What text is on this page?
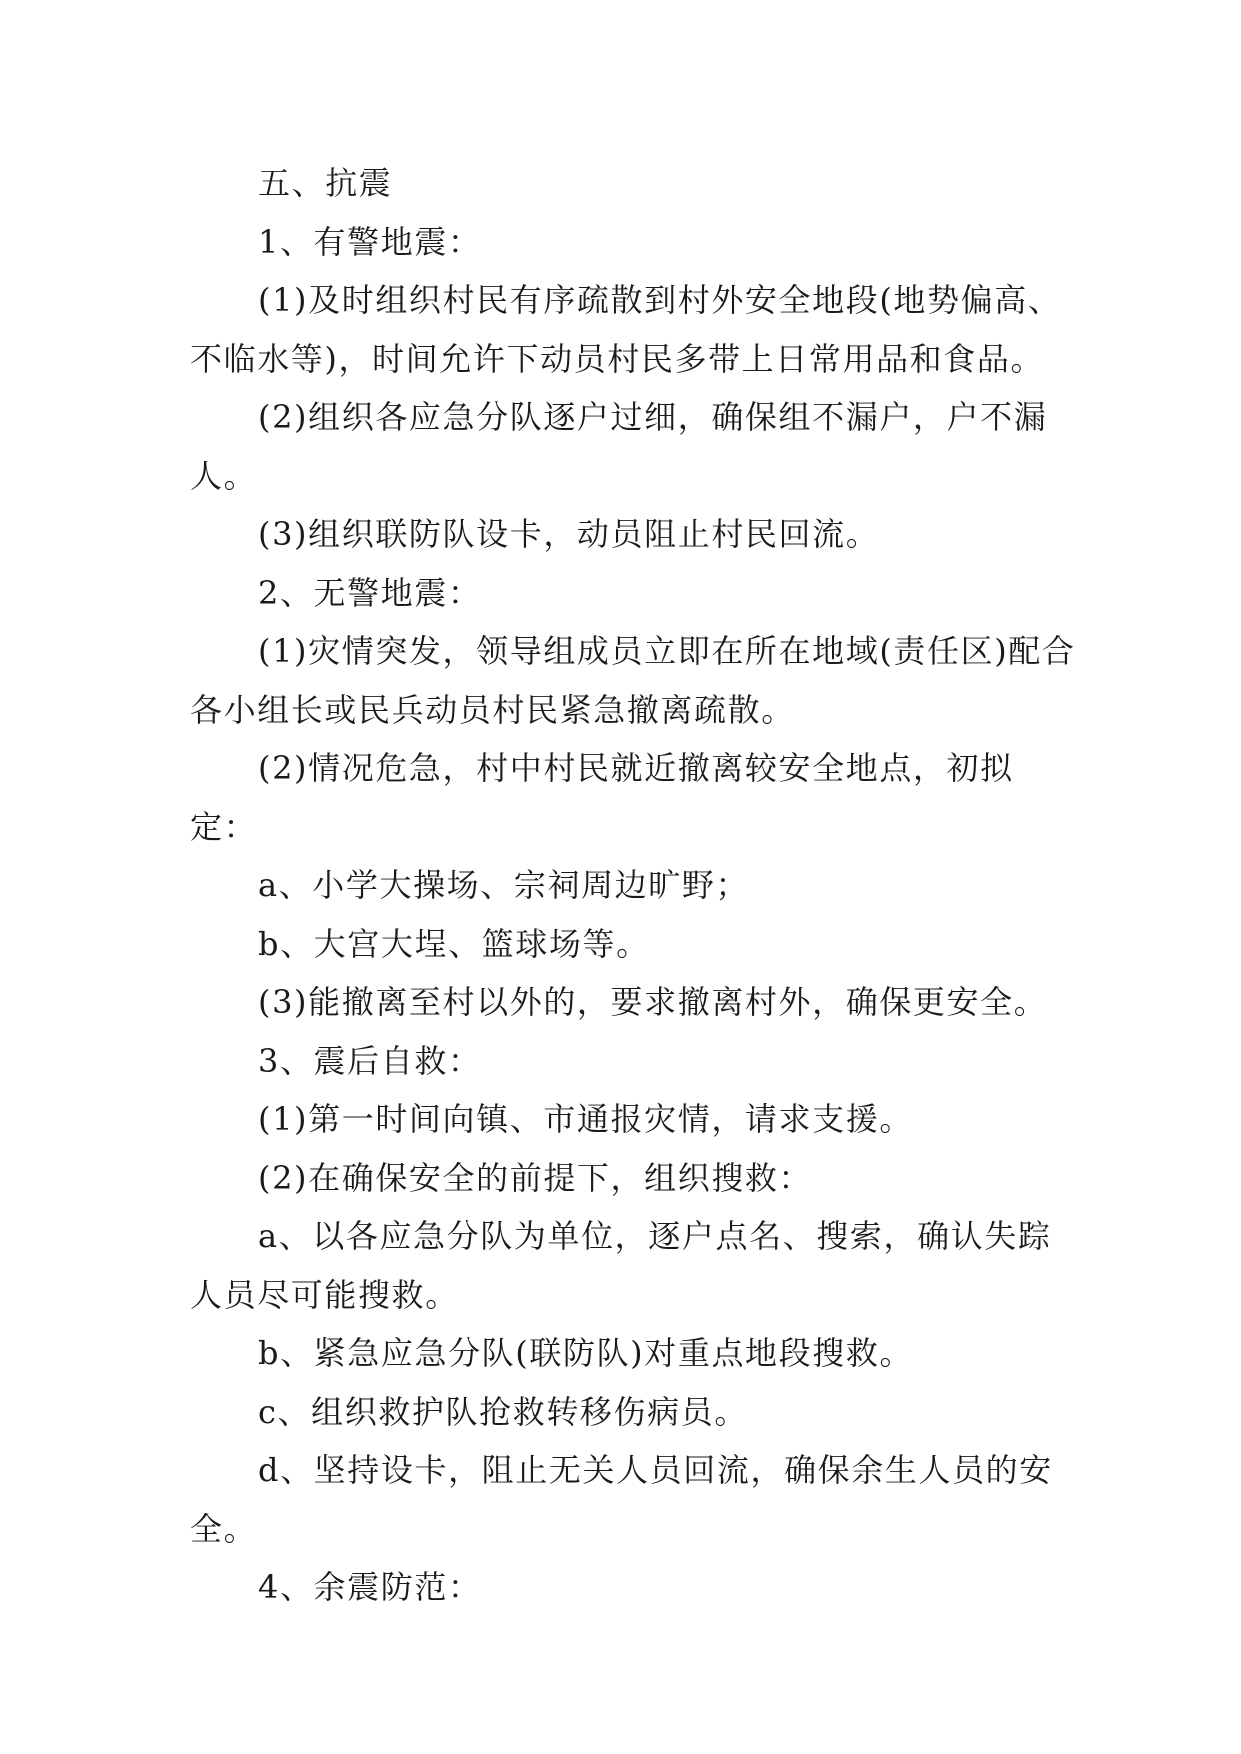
五、抗震

1、有警地震：

(1)及时组织村民有序疏散到村外安全地段(地势偏高、不临水等)，时间允许下动员村民多带上日常用品和食品。

(2)组织各应急分队逐户过细，确保组不漏户，户不漏人。

(3)组织联防队设卡，动员阻止村民回流。

2、无警地震：

(1)灾情突发，领导组成员立即在所在地域(责任区)配合各小组长或民兵动员村民紧急撤离疏散。

(2)情况危急，村中村民就近撤离较安全地点，初拟定：

a、小学大操场、宗祠周边旷野；

b、大宫大埕、篮球场等。

(3)能撤离至村以外的，要求撤离村外，确保更安全。

3、震后自救：

(1)第一时间向镇、市通报灾情，请求支援。

(2)在确保安全的前提下，组织搜救：

a、以各应急分队为单位，逐户点名、搜索，确认失踪人员尽可能搜救。

b、紧急应急分队(联防队)对重点地段搜救。

c、组织救护队抢救转移伤病员。

d、坚持设卡，阻止无关人员回流，确保余生人员的安全。

4、余震防范：
